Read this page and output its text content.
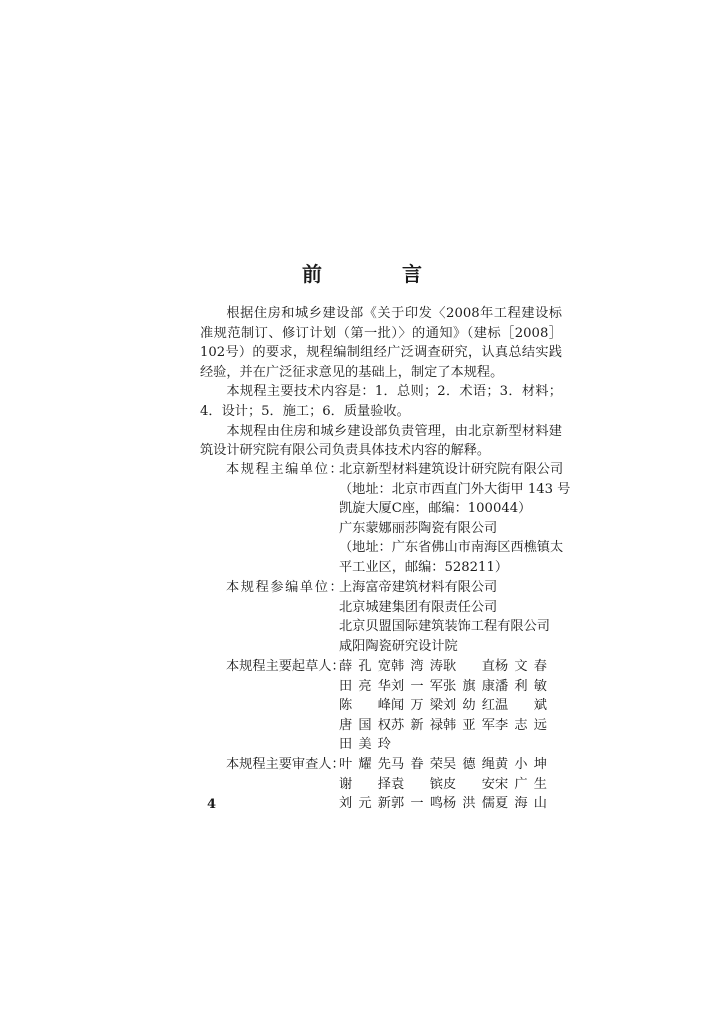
前　言

根据住房和城乡建设部《关于印发〈2008年工程建设标准规范制订、修订计划（第一批）〉的通知》（建标［2008］102号）的要求，规程编制组经广泛调查研究，认真总结实践经验，并在广泛征求意见的基础上，制定了本规程。

本规程主要技术内容是：1．总则；2．术语；3．材料；4．设计；5．施工；6．质量验收。

本规程由住房和城乡建设部负责管理，由北京新型材料建筑设计研究院有限公司负责具体技术内容的解释。

本规程主编单位：
北京新型材料建筑设计研究院有限公司
（地址：北京市西直门外大街甲 143 号
凯旋大厦C座，邮编：100044）
广东蒙娜丽莎陶瓷有限公司
（地址：广东省佛山市南海区西樵镇太
平工业区，邮编：528211）
本规程参编单位：
上海富帝建筑材料有限公司
北京城建集团有限责任公司
北京贝盟国际建筑装饰工程有限公司
咸阳陶瓷研究设计院
本规程主要起草人：
薛孔宽 韩湾涛 耿　直 杨文春
田亮华 刘一军 张旗康 潘利敏
陈　峰 闻万梁 刘幼红 温　斌
唐国权 苏新禄 韩亚军 李志远
田美玲
本规程主要审查人：
叶耀先 马眷荣 吴德绳 黄小坤
谢　择 袁　镔 皮　安 宋广生
刘元新 郭一鸣 杨洪儒 夏海山
4
